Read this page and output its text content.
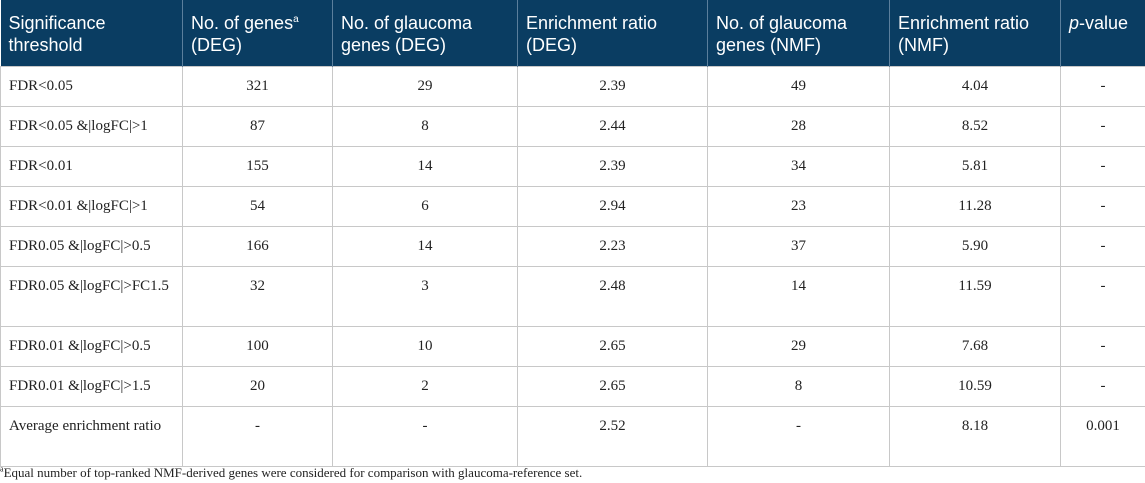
Significance threshold	No. of genes$^a$ (DEG)	No. of glaucoma genes (DEG)	Enrichment ratio (DEG)	No. of glaucoma genes (NMF)	Enrichment ratio (NMF)	p-value

FDR<0.05	321	29	2.39	49	4.04	-

FDR<0.05 &|logFC|>1	87	8	2.44	28	8.52	-

FDR<0.01	155	14	2.39	34	5.81	-

FDR<0.01 &|logFC|>1	54	6	2.94	23	11.28	-

FDR0.05 &|logFC|>0.5	166	14	2.23	37	5.90	-

FDR0.05 &|logFC|>FC1.5	32	3	2.48	14	11.59	-

FDR0.01 &|logFC|>0.5	100	10	2.65	29	7.68	-

FDR0.01 &|logFC|>1.5	20	2	2.65	8	10.59	-

Average enrichment ratio	-	-	2.52	-	8.18	0.001
$^a$Equal number of top-ranked NMF-derived genes were considered for comparison with glaucoma-reference set.
